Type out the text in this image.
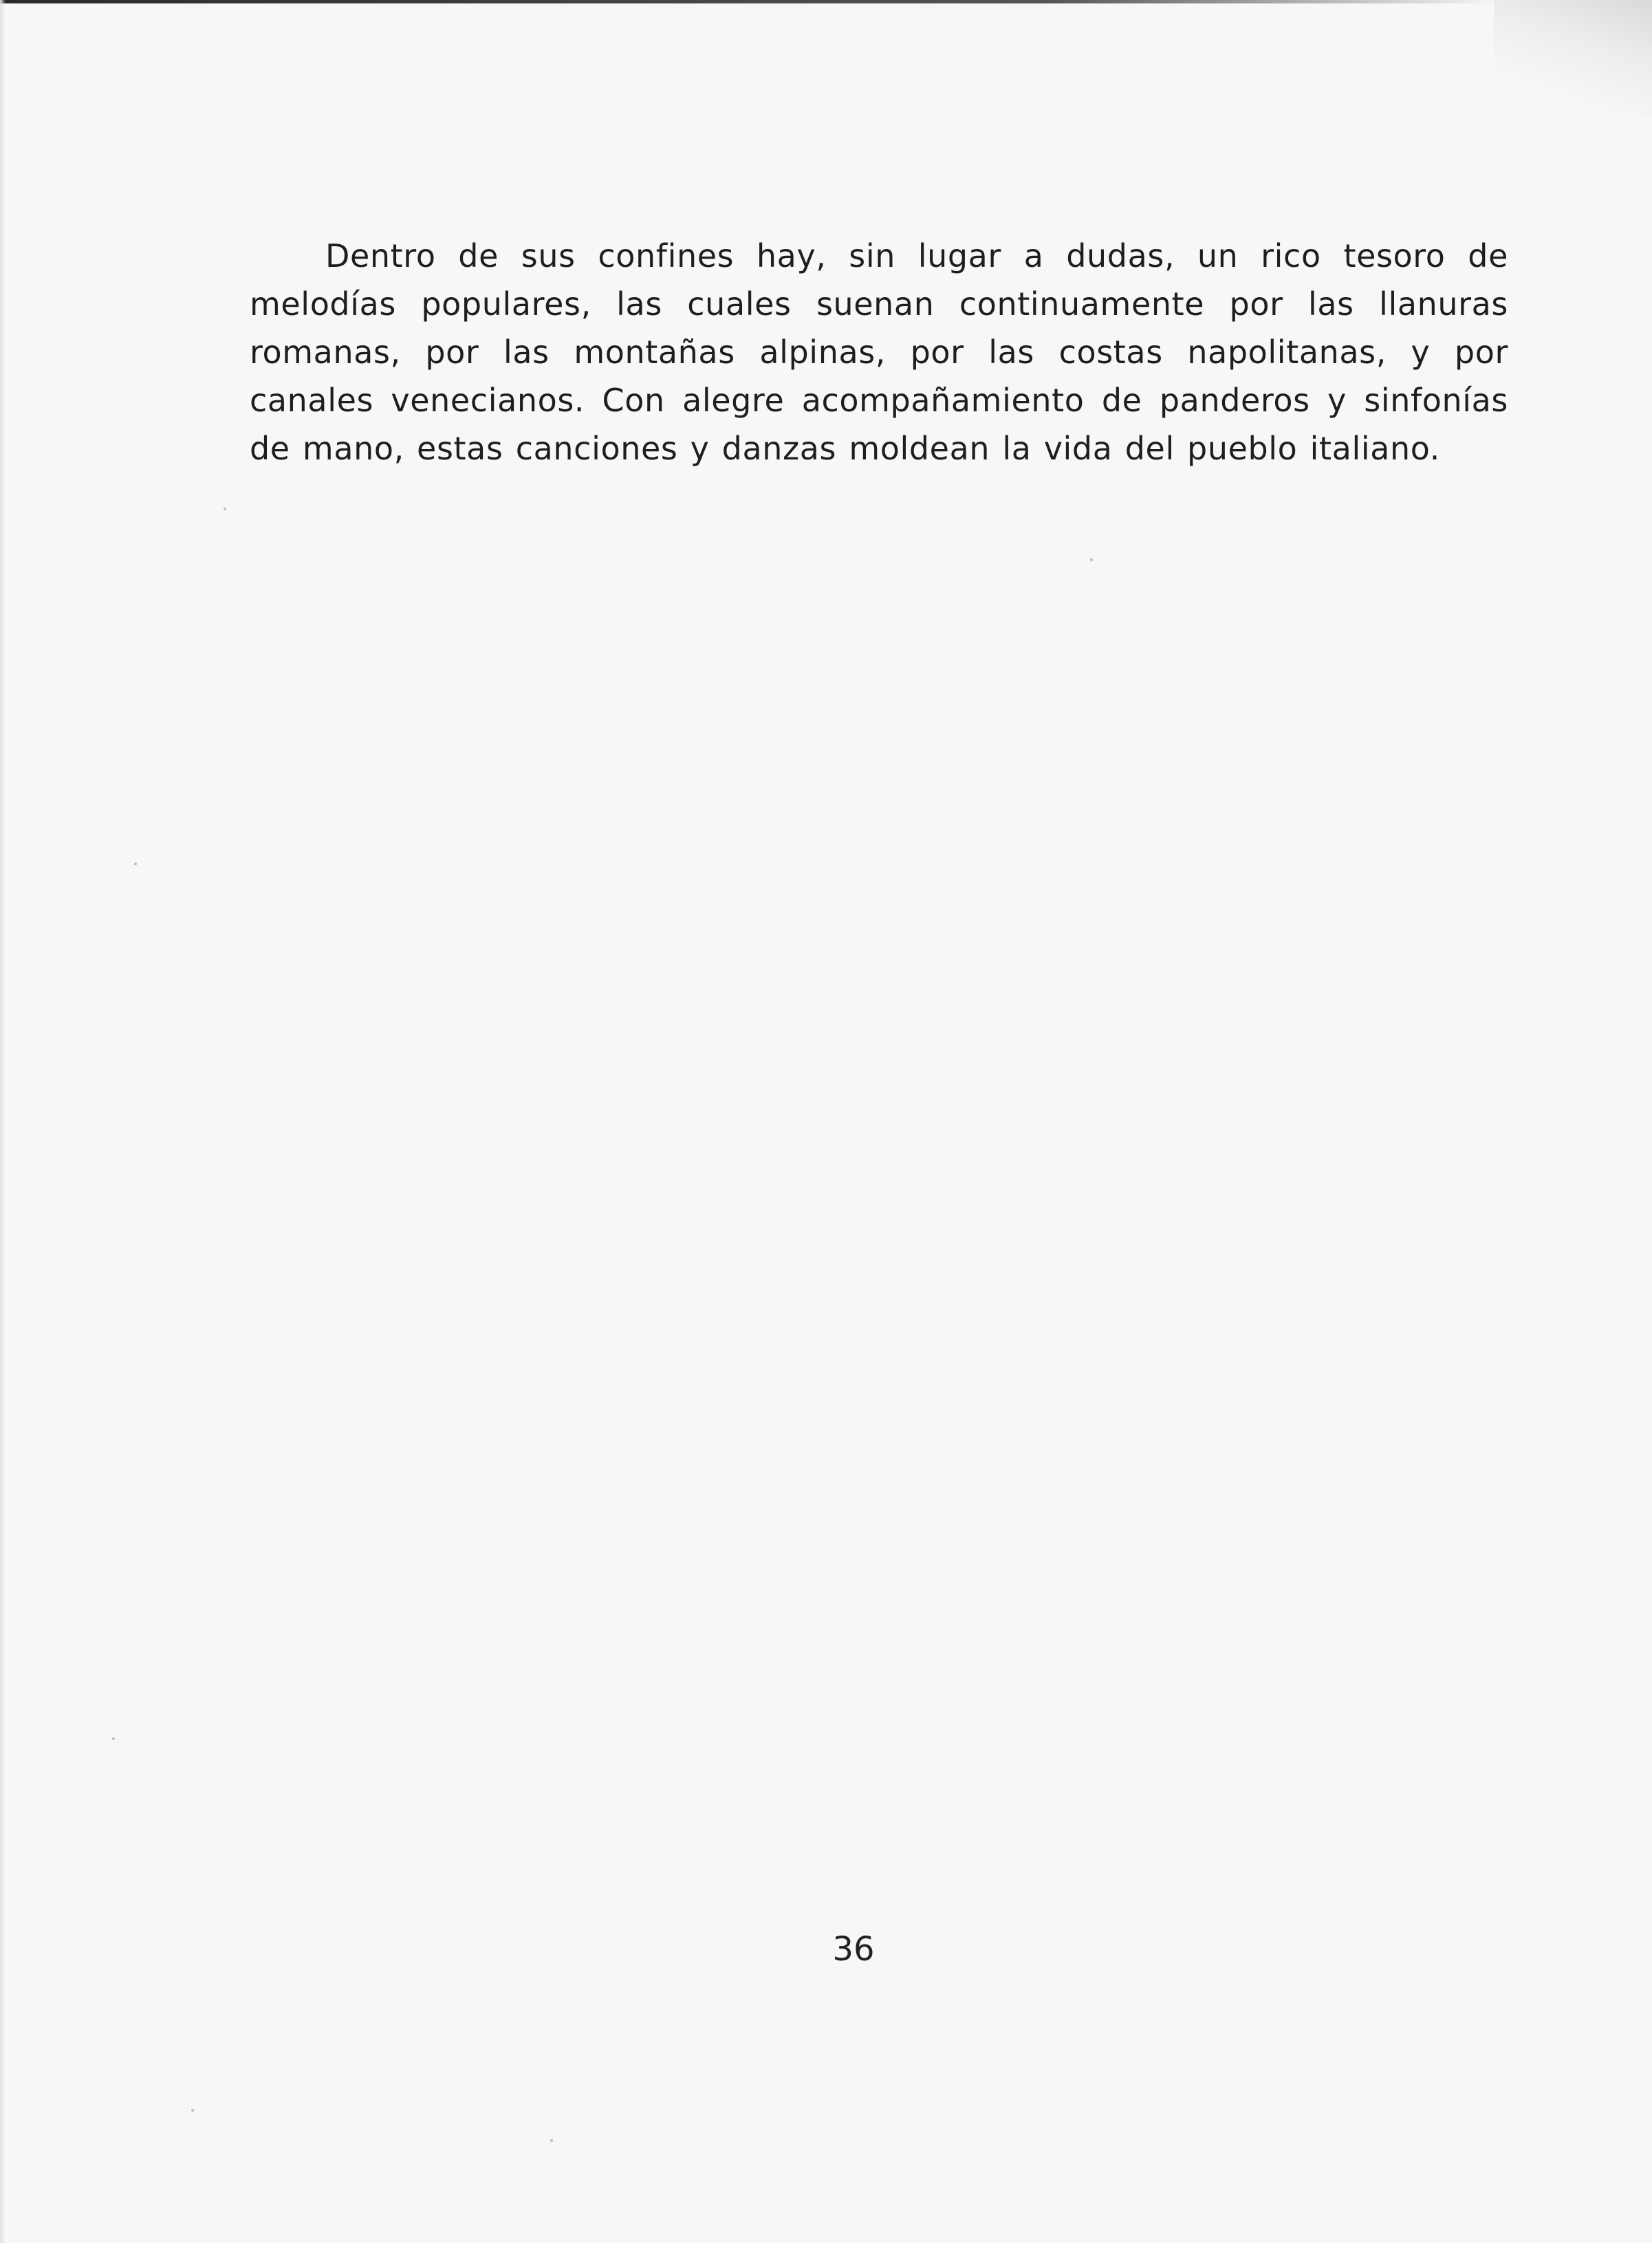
Dentro de sus confines hay, sin lugar a dudas, un rico tesoro de melodías populares, las cuales suenan continuamente por las llanuras romanas, por las montañas alpinas, por las costas napolitanas, y por canales venecianos. Con alegre acompañamiento de panderos y sinfonías de mano, estas canciones y danzas moldean la vida del pueblo italiano.

36
